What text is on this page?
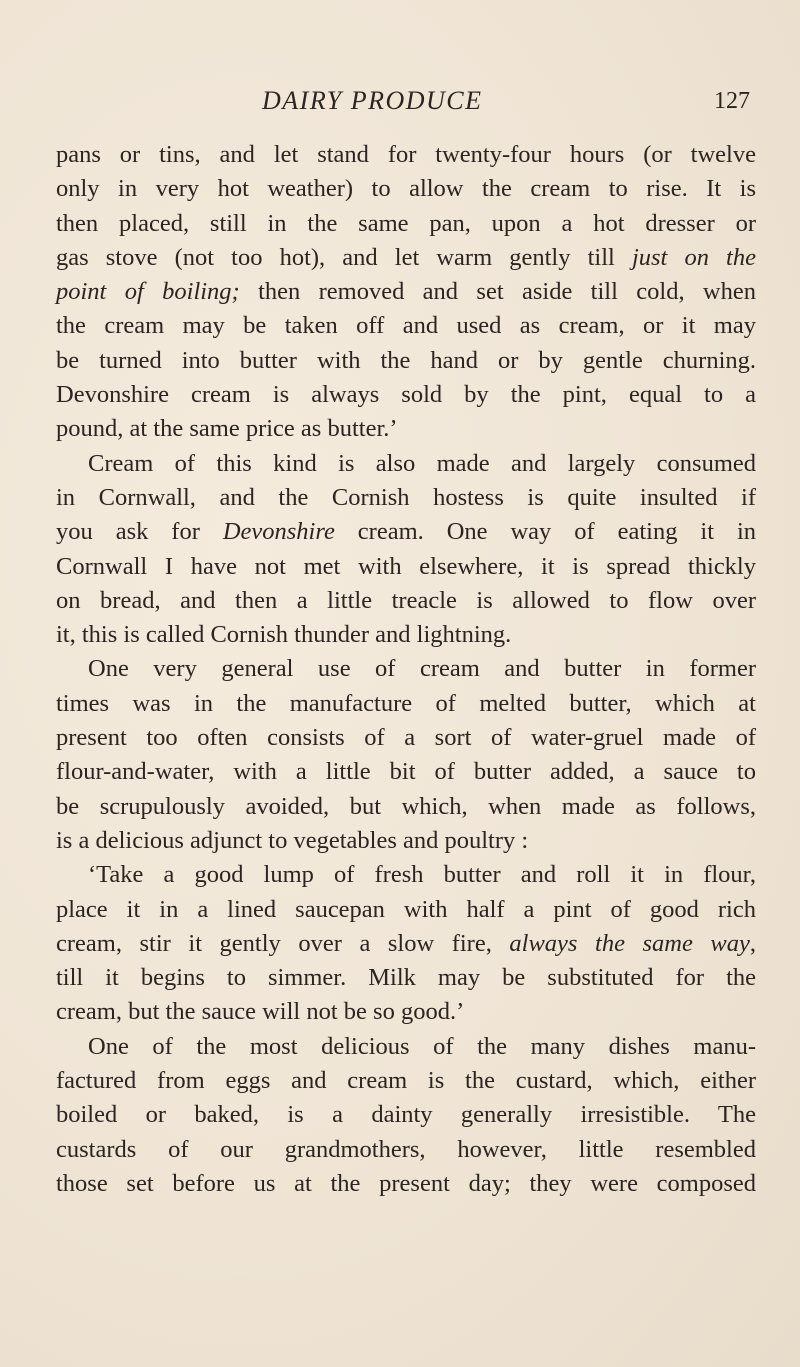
DAIRY PRODUCE	127
pans or tins, and let stand for twenty-four hours (or twelve
only in very hot weather) to allow the cream to rise. It is
then placed, still in the same pan, upon a hot dresser or
gas stove (not too hot), and let warm gently till just on the
point of boiling; then removed and set aside till cold, when
the cream may be taken off and used as cream, or it may
be turned into butter with the hand or by gentle churning.
Devonshire cream is always sold by the pint, equal to a
pound, at the same price as butter.’
Cream of this kind is also made and largely consumed
in Cornwall, and the Cornish hostess is quite insulted if
you ask for Devonshire cream. One way of eating it in
Cornwall I have not met with elsewhere, it is spread thickly
on bread, and then a little treacle is allowed to flow over
it, this is called Cornish thunder and lightning.
One very general use of cream and butter in former
times was in the manufacture of melted butter, which at
present too often consists of a sort of water-gruel made of
flour-and-water, with a little bit of butter added, a sauce to
be scrupulously avoided, but which, when made as follows,
is a delicious adjunct to vegetables and poultry :
‘Take a good lump of fresh butter and roll it in flour,
place it in a lined saucepan with half a pint of good rich
cream, stir it gently over a slow fire, always the same way,
till it begins to simmer. Milk may be substituted for the
cream, but the sauce will not be so good.’
One of the most delicious of the many dishes manu-
factured from eggs and cream is the custard, which, either
boiled or baked, is a dainty generally irresistible. The
custards of our grandmothers, however, little resembled
those set before us at the present day; they were composed
